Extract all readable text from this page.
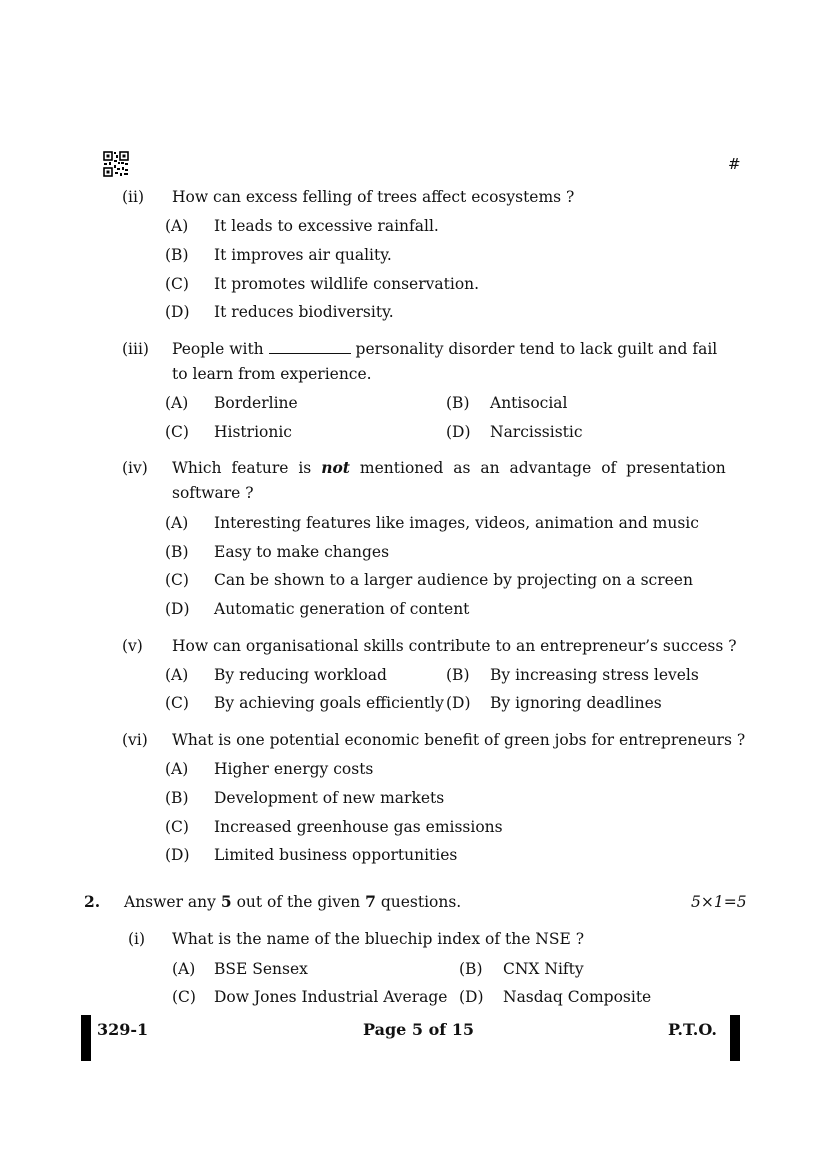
#
(ii) How can excess felling of trees affect ecosystems ?
(A) It leads to excessive rainfall.
(B) It improves air quality.
(C) It promotes wildlife conservation.
(D) It reduces biodiversity.
(iii) People with	personality disorder tend to lack guilt and fail
to learn from experience.
(A) Borderline	(B) Antisocial
(C) Histrionic	(D) Narcissistic
(iv) Which feature is not mentioned as an advantage of presentation
software ?
(A) Interesting features like images, videos, animation and music
(B) Easy to make changes
(C) Can be shown to a larger audience by projecting on a screen
(D) Automatic generation of content
(v) How can organisational skills contribute to an entrepreneur’s success ?
(A) By reducing workload	(B) By increasing stress levels
(C) By achieving goals efficiently (D) By ignoring deadlines
(vi) What is one potential economic benefit of green jobs for entrepreneurs ?
(A) Higher energy costs
(B) Development of new markets
(C) Increased greenhouse gas emissions
(D) Limited business opportunities
2. Answer any 5 out of the given 7 questions.	5×1=5
(i) What is the name of the bluechip index of the NSE ?
(A) BSE Sensex	(B) CNX Nifty
(C) Dow Jones Industrial Average (D) Nasdaq Composite
329-1	Page 5 of 15	P.T.O.
